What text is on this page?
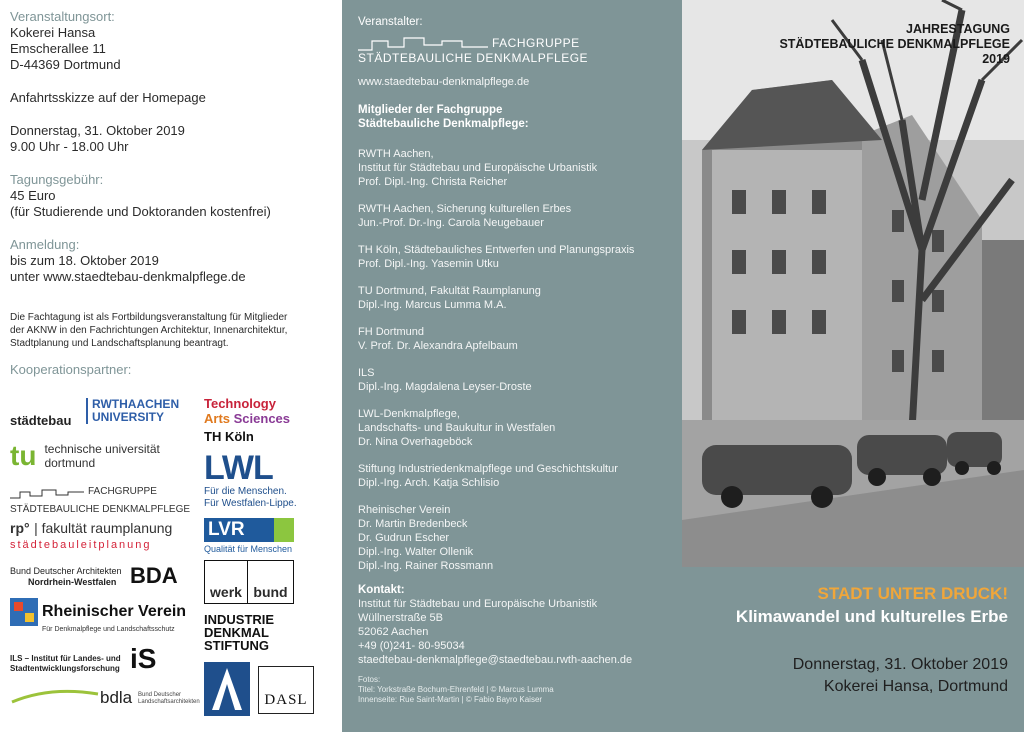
Veranstaltungsort:
Kokerei Hansa
Emscherallee 11
D-44369 Dortmund
Anfahrtsskizze auf der Homepage
Donnerstag, 31. Oktober 2019
9.00 Uhr - 18.00 Uhr
Tagungsgebühr:
45 Euro
(für Studierende und Doktoranden kostenfrei)
Anmeldung:
bis zum 18. Oktober 2019
unter www.staedtebau-denkmalpflege.de
Die Fachtagung ist als Fortbildungsveranstaltung für Mitglieder
der AKNW in den Fachrichtungen Architektur, Innenarchitektur,
Stadtplanung und Landschaftsplanung beantragt.
Kooperationspartner:
städtebau
RWTHAACHEN
UNIVERSITY
Technology
Arts Sciences
TH Köln
tu technische universität
dortmund	LWL
Für die Menschen.
Für Westfalen-Lippe.
FACHGRUPPE
STÄDTEBAULICHE DENKMALPFLEGE
rp° | fakultät raumplanung
städtebauleitplanung
LVR
Qualität für Menschen
Bund Deutscher Architekten
Nordrhein-Westfalen BDA
werk bund
Rheinischer Verein
Für Denkmalpflege und Landschaftsschutz
INDUSTRIE
DENKMAL
STIFTUNG
ILS – Institut für Landes- und
Stadtentwicklungsforschung iS
bdla Bund Deutscher
Landschaftsarchitekten	DASL
Veranstalter:
FACHGRUPPE
STÄDTEBAULICHE DENKMALPFLEGE
www.staedtebau-denkmalpflege.de
Mitglieder der Fachgruppe
Städtebauliche Denkmalpflege:
RWTH Aachen,
Institut für Städtebau und Europäische Urbanistik
Prof. Dipl.-Ing. Christa Reicher
RWTH Aachen, Sicherung kulturellen Erbes
Jun.-Prof. Dr.-Ing. Carola Neugebauer
TH Köln, Städtebauliches Entwerfen und Planungspraxis
Prof. Dipl.-Ing. Yasemin Utku
TU Dortmund, Fakultät Raumplanung
Dipl.-Ing. Marcus Lumma M.A.
FH Dortmund
V. Prof. Dr. Alexandra Apfelbaum
ILS
Dipl.-Ing. Magdalena Leyser-Droste
LWL-Denkmalpflege,
Landschafts- und Baukultur in Westfalen
Dr. Nina Overhageböck
Stiftung Industriedenkmalpflege und Geschichtskultur
Dipl.-Ing. Arch. Katja Schlisio
Rheinischer Verein
Dr. Martin Bredenbeck
Dr. Gudrun Escher
Dipl.-Ing. Walter Ollenik
Dipl.-Ing. Rainer Rossmann
Kontakt:
Institut für Städtebau und Europäische Urbanistik
Wüllnerstraße 5B
52062 Aachen
+49 (0)241- 80-95034
staedtebau-denkmalpflege@staedtebau.rwth-aachen.de
Fotos:
Titel: Yorkstraße Bochum-Ehrenfeld | © Marcus Lumma
Innenseite: Rue Saint-Martin | © Fabio Bayro Kaiser
JAHRESTAGUNG
STÄDTEBAULICHE DENKMALPFLEGE
2019
STADT UNTER DRUCK!
Klimawandel und kulturelles Erbe
Donnerstag, 31. Oktober 2019
Kokerei Hansa, Dortmund
